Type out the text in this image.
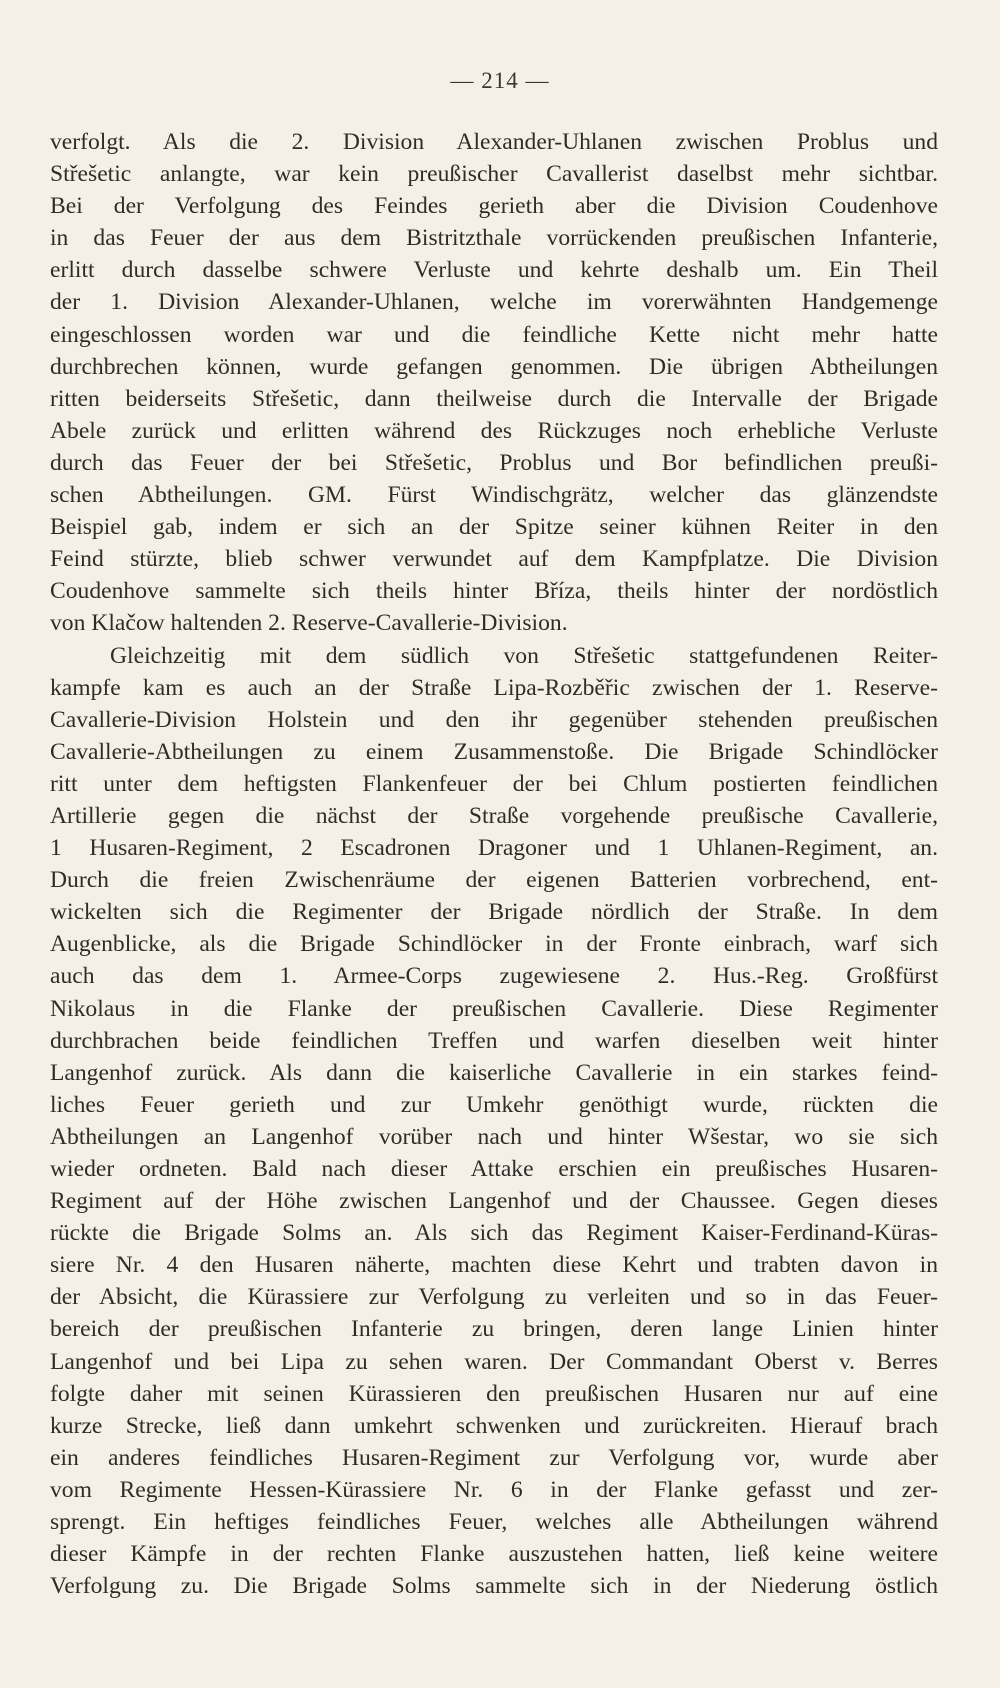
— 214 —
verfolgt. Als die 2. Division Alexander-Uhlanen zwischen Problus und
Střešetic anlangte, war kein preußischer Cavallerist daselbst mehr sichtbar.
Bei der Verfolgung des Feindes gerieth aber die Division Coudenhove
in das Feuer der aus dem Bistritzthale vorrückenden preußischen Infanterie,
erlitt durch dasselbe schwere Verluste und kehrte deshalb um. Ein Theil
der 1. Division Alexander-Uhlanen, welche im vorerwähnten Handgemenge
eingeschlossen worden war und die feindliche Kette nicht mehr hatte
durchbrechen können, wurde gefangen genommen. Die übrigen Abtheilungen
ritten beiderseits Střešetic, dann theilweise durch die Intervalle der Brigade
Abele zurück und erlitten während des Rückzuges noch erhebliche Verluste
durch das Feuer der bei Střešetic, Problus und Bor befindlichen preußi-
schen Abtheilungen. GM. Fürst Windischgrätz, welcher das glänzendste
Beispiel gab, indem er sich an der Spitze seiner kühnen Reiter in den
Feind stürzte, blieb schwer verwundet auf dem Kampfplatze. Die Division
Coudenhove sammelte sich theils hinter Bříza, theils hinter der nordöstlich
von Klačow haltenden 2. Reserve-Cavallerie-Division.
Gleichzeitig mit dem südlich von Střešetic stattgefundenen Reiter-
kampfe kam es auch an der Straße Lipa-Rozběřic zwischen der 1. Reserve-
Cavallerie-Division Holstein und den ihr gegenüber stehenden preußischen
Cavallerie-Abtheilungen zu einem Zusammenstoße. Die Brigade Schindlöcker
ritt unter dem heftigsten Flankenfeuer der bei Chlum postierten feindlichen
Artillerie gegen die nächst der Straße vorgehende preußische Cavallerie,
1 Husaren-Regiment, 2 Escadronen Dragoner und 1 Uhlanen-Regiment, an.
Durch die freien Zwischenräume der eigenen Batterien vorbrechend, ent-
wickelten sich die Regimenter der Brigade nördlich der Straße. In dem
Augenblicke, als die Brigade Schindlöcker in der Fronte einbrach, warf sich
auch das dem 1. Armee-Corps zugewiesene 2. Hus.-Reg. Großfürst
Nikolaus in die Flanke der preußischen Cavallerie. Diese Regimenter
durchbrachen beide feindlichen Treffen und warfen dieselben weit hinter
Langenhof zurück. Als dann die kaiserliche Cavallerie in ein starkes feind-
liches Feuer gerieth und zur Umkehr genöthigt wurde, rückten die
Abtheilungen an Langenhof vorüber nach und hinter Wšestar, wo sie sich
wieder ordneten. Bald nach dieser Attake erschien ein preußisches Husaren-
Regiment auf der Höhe zwischen Langenhof und der Chaussee. Gegen dieses
rückte die Brigade Solms an. Als sich das Regiment Kaiser-Ferdinand-Küras-
siere Nr. 4 den Husaren näherte, machten diese Kehrt und trabten davon in
der Absicht, die Kürassiere zur Verfolgung zu verleiten und so in das Feuer-
bereich der preußischen Infanterie zu bringen, deren lange Linien hinter
Langenhof und bei Lipa zu sehen waren. Der Commandant Oberst v. Berres
folgte daher mit seinen Kürassieren den preußischen Husaren nur auf eine
kurze Strecke, ließ dann umkehrt schwenken und zurückreiten. Hierauf brach
ein anderes feindliches Husaren-Regiment zur Verfolgung vor, wurde aber
vom Regimente Hessen-Kürassiere Nr. 6 in der Flanke gefasst und zer-
sprengt. Ein heftiges feindliches Feuer, welches alle Abtheilungen während
dieser Kämpfe in der rechten Flanke auszustehen hatten, ließ keine weitere
Verfolgung zu. Die Brigade Solms sammelte sich in der Niederung östlich
